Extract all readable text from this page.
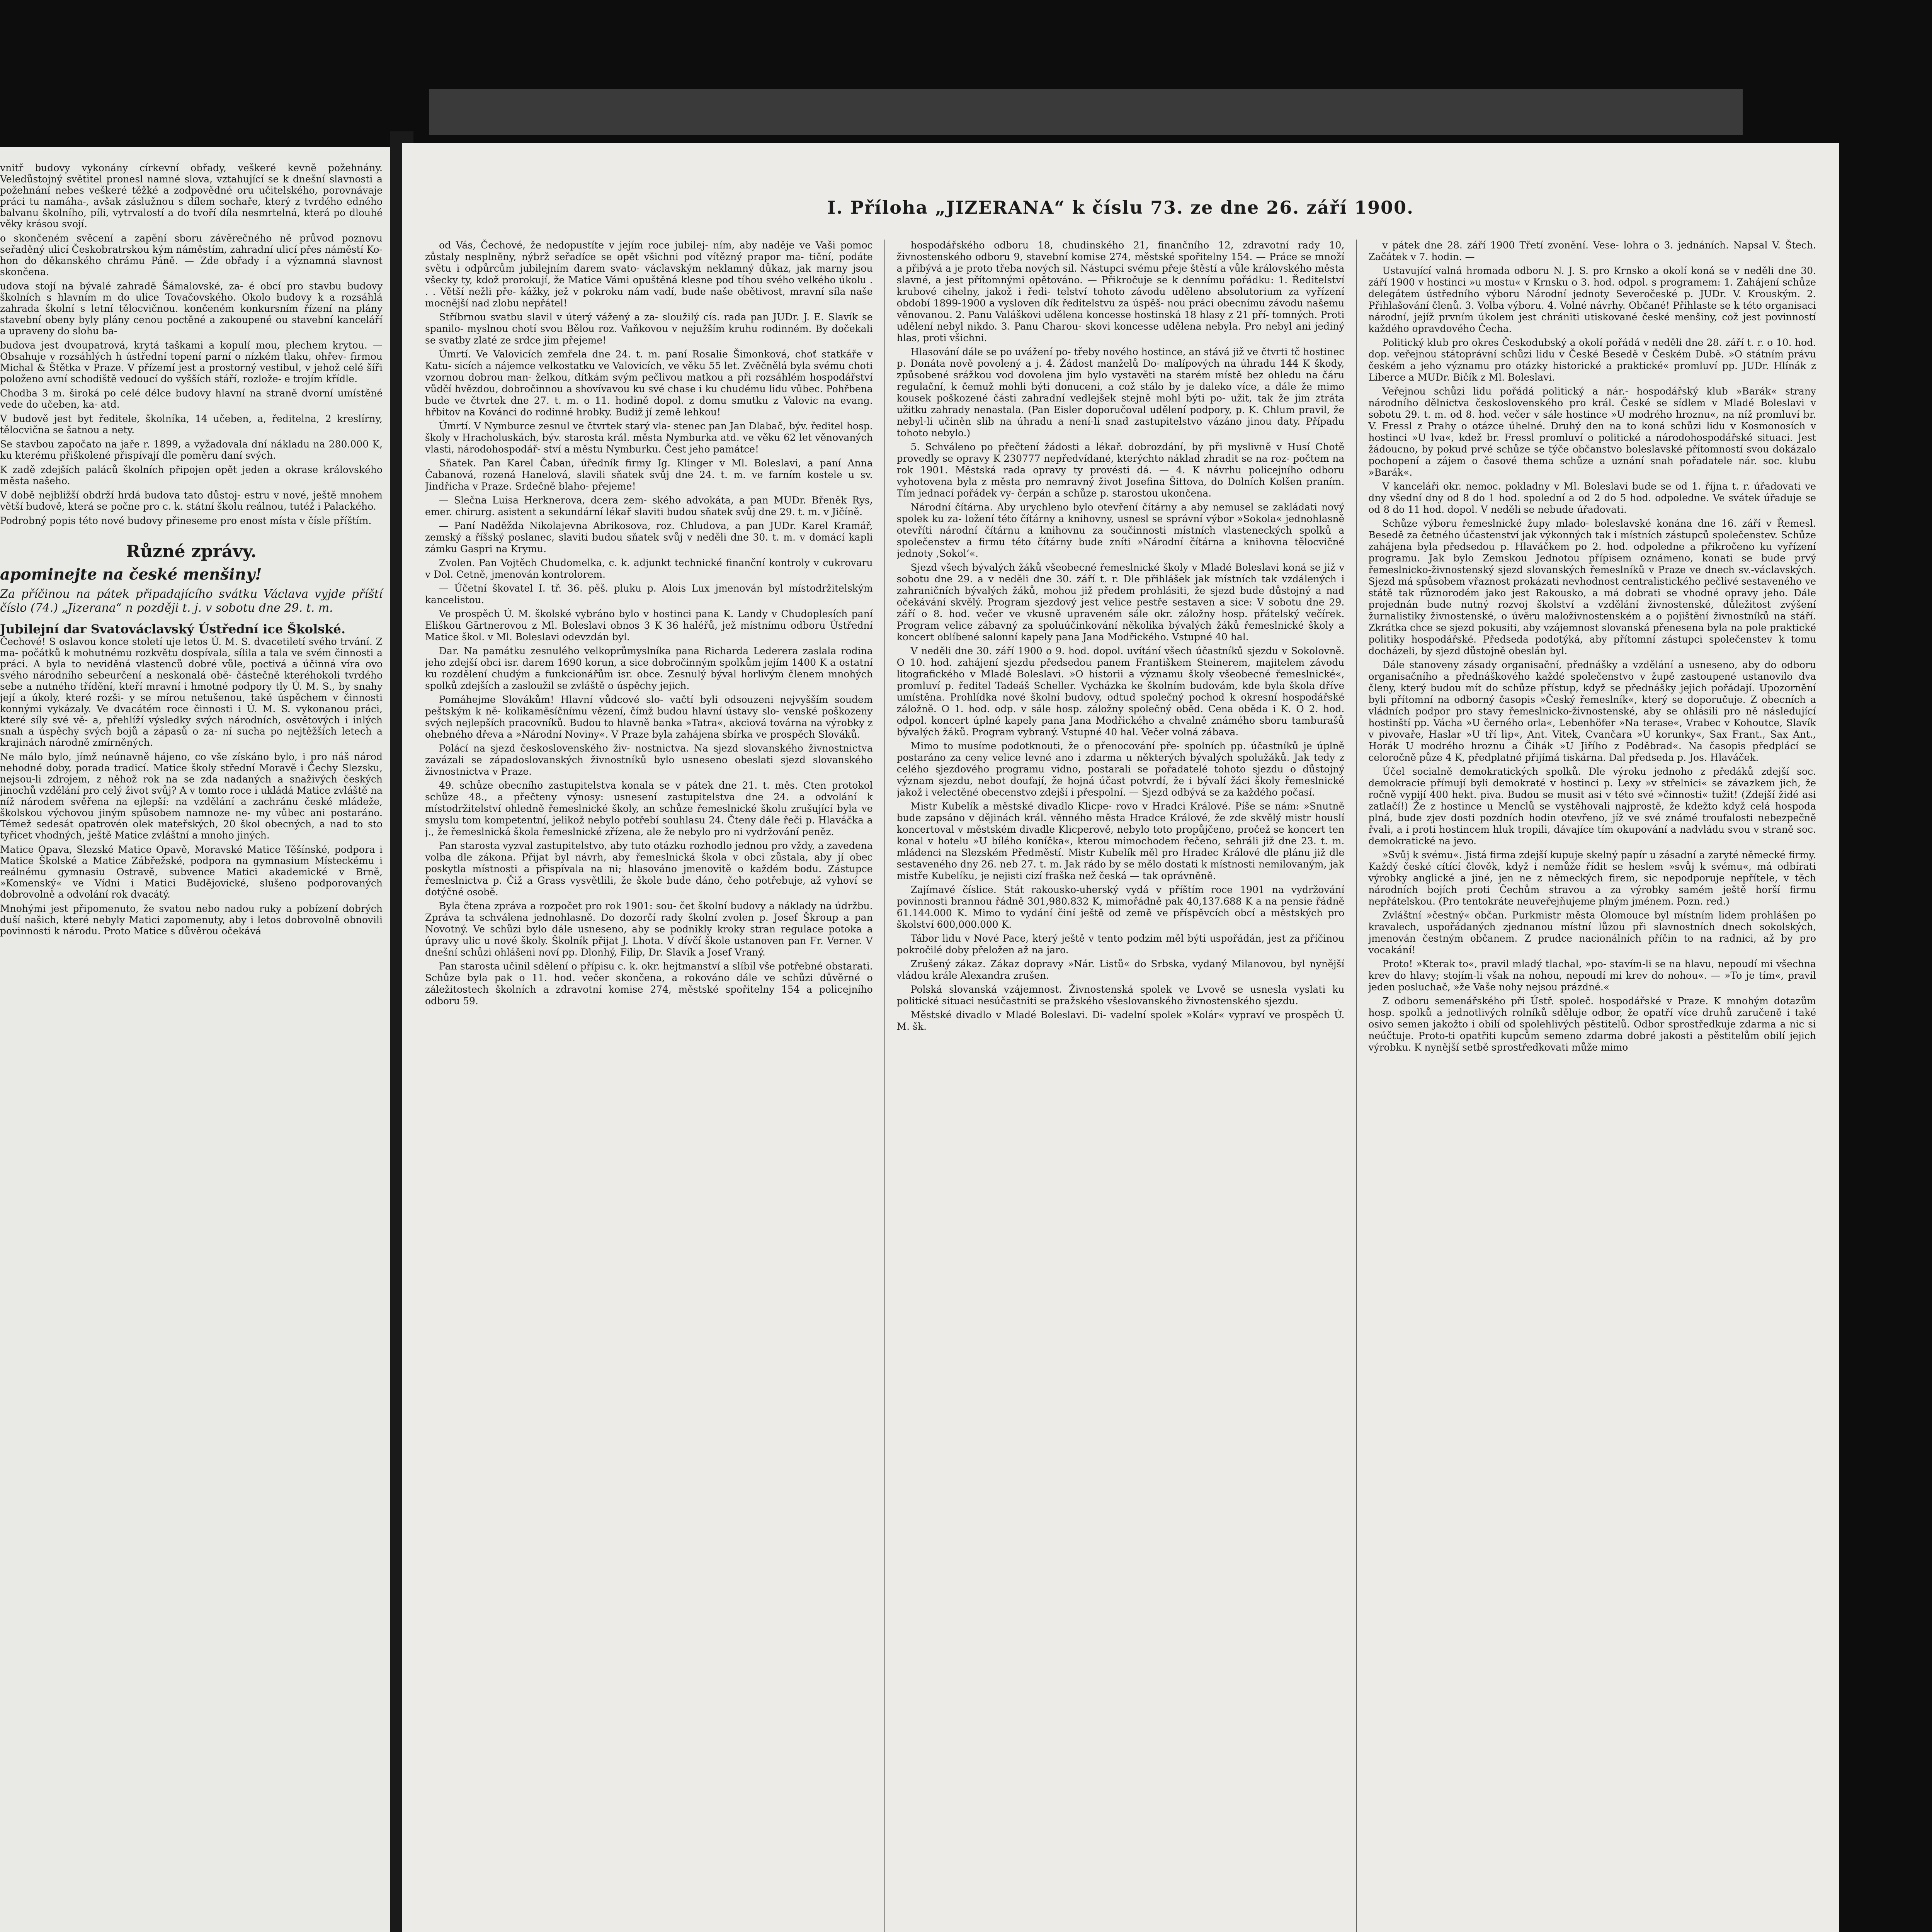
vnitř budovy vykonány církevní obřady, veškeré kevně požehnány. Veledůstojný světitel pronesl namné slova, vztahující se k dnešní slavnosti a požehnání nebes veškeré těžké a zodpovědné oru učitelského, porovnávaje práci tu namáha-, avšak záslužnou s dílem sochaře, který z tvrdého edného balvanu školního, píli, vytrvalostí a do tvoří díla nesmrtelná, která po dlouhé věky krásou svojí.

o skončeném svěcení a zapění sboru závěrečného ně průvod poznovu seřaděný ulicí Českobratrskou kým náměstím, zahradní ulicí přes náměstí Ko- hon do děkanského chrámu Páně. — Zde obřady í a významná slavnost skončena.

udova stojí na bývalé zahradě Šámalovské, za- é obcí pro stavbu budovy školních s hlavním m do ulice Tovačovského. Okolo budovy k a rozsáhlá zahrada školní s letní tělocvičnou. končeném konkursním řízení na plány stavební obeny byly plány cenou poctěné a zakoupené ou stavební kanceláří a upraveny do slohu ba-

budova jest dvoupatrová, krytá taškami a kopulí mou, plechem krytou. — Obsahuje v rozsáhlých h ústřední topení parní o nízkém tlaku, ohřev- firmou Michal & Štětka v Praze. V přízemí jest a prostorný vestibul, v jehož celé šíři položeno avní schodiště vedoucí do vyšších stáří, rozlože- e trojím křídle.

Chodba 3 m. široká po celé délce budovy hlavní na straně dvorní umístěné vede do učeben, ka- atd.

V budově jest byt ředitele, školníka, 14 učeben, a, ředitelna, 2 kreslírny, tělocvična se šatnou a nety.

Se stavbou započato na jaře r. 1899, a vyžadovala dní nákladu na 280.000 K, ku kterému přiškolené přispívají dle poměru daní svých.

K zadě zdejších paláců školních připojen opět jeden a okrase královského města našeho.

V době nejbližší obdrží hrdá budova tato důstoj- estru v nové, ještě mnohem větší budově, která se počne pro c. k. státní školu reálnou, tutéž i Palackého.

Podrobný popis této nové budovy přineseme pro enost místa v čísle příštím.

Různé zprávy.
apominejte na české menšiny!

Za příčinou na pátek připadajícího svátku Václava vyjde příští číslo (74.) „Jizerana“ n později t. j. v sobotu dne 29. t. m.

Jubilejní dar Svatováclavský Ústřední ice Školské.

Čechové! S oslavou konce století uje letos Ú. M. S. dvacetiletí svého trvání. Z ma- počátků k mohutnému rozkvětu dospívala, sílila a tala ve svém činnosti a práci. A byla to neviděná vlastenců dobré vůle, poctivá a účinná víra ovo svého národního sebeurčení a neskonalá obě- částečně kteréhokoli tvrdého sebe a nutného třídění, kteří mravní i hmotné podpory tly Ú. M. S., by snahy její a úkoly, které rozši- y se mírou netušenou, také úspěchem v činnosti konnými vykázaly. Ve dvacátém roce činnosti i Ú. M. S. vykonanou práci, které síly své vě- a, přehlíží výsledky svých národních, osvětových i inlých snah a úspěchy svých bojů a zápasů o za- ní sucha po nejtěžších letech a krajinách národně zmírněných.

Ne málo bylo, jímž neúnavně hájeno, co vše získáno bylo, i pro náš národ nehodné doby, porada tradicí. Matice školy střední Moravě i Čechy Slezsku, nejsou-li zdrojem, z něhož rok na se zda nadaných a snaživých českých jinochů vzdělání pro celý život svůj? A v tomto roce i ukládá Matice zvláště na níž národem svěřena na ejlepší: na vzdělání a zachránu české mládeže, školskou výchovou jiným spůsobem namnoze ne- my vůbec ani postaráno. Témež sedesát opatrovén olek mateřských, 20 škol obecných, a nad to sto tyřicet vhodných, ještě Matice zvláštní a mnoho jiných.

Matice Opava, Slezské Matice Opavě, Moravské Matice Těšínské, podpora i Matice Školské a Matice Zábřežské, podpora na gymnasium Místeckému i reálnému gymnasiu Ostravě, subvence Matici akademické v Brně, »Komenský« ve Vídni i Matici Budějovické, slušeno podporovaných dobrovolně a odvolání rok dvacátý.

Mnohými jest připomenuto, že svatou nebo nadou ruky a pobízení dobrých duší našich, které nebyly Matici zapomenuty, aby i letos dobrovolně obnovili povinnosti k národu. Proto Matice s důvěrou očekává

I. Příloha „JIZERANA“ k číslu 73. ze dne 26. září 1900.

od Vás, Čechové, že nedopustíte v jejím roce jubilej- ním, aby naděje ve Vaši pomoc zůstaly nesplněny, nýbrž seřadíce se opět všichni pod vítězný prapor ma- tiční, podáte světu i odpůrcům jubilejním darem svato- václavským neklamný důkaz, jak marny jsou všecky ty, kdož prorokují, že Matice Vámi opuštěná klesne pod tíhou svého velkého úkolu . . . Větší nežli pře- kážky, jež v pokroku nám vadí, bude naše obětivost, mravní síla naše mocnější nad zlobu nepřátel!

Stříbrnou svatbu slavil v úterý vážený a za- sloužilý cís. rada pan JUDr. J. E. Slavík se spanilo- myslnou chotí svou Bělou roz. Vaňkovou v nejužším kruhu rodinném. By dočekali se svatby zlaté ze srdce jim přejeme!

Úmrtí. Ve Valovicích zemřela dne 24. t. m. paní Rosalie Šimonková, choť statkáře v Katu- sicích a nájemce velkostatku ve Valovicích, ve věku 55 let. Zvěčnělá byla svému choti vzornou dobrou man- želkou, dítkám svým pečlivou matkou a při rozsáhlém hospodářství vůdčí hvězdou, dobročinnou a shovívavou ku své chase i ku chudému lidu vůbec. Pohřbena bude ve čtvrtek dne 27. t. m. o 11. hodině dopol. z domu smutku z Valovic na evang. hřbitov na Kovánci do rodinné hrobky. Budiž jí země lehkou!

Úmrtí. V Nymburce zesnul ve čtvrtek starý vla- stenec pan Jan Dlabač, býv. ředitel hosp. školy v Hracholuskách, býv. starosta král. města Nymburka atd. ve věku 62 let věnovaných vlasti, národohospodář- ství a městu Nymburku. Čest jeho památce!

Sňatek. Pan Karel Čaban, úředník firmy Ig. Klinger v Ml. Boleslavi, a paní Anna Čabanová, rozená Hanelová, slavili sňatek svůj dne 24. t. m. ve farním kostele u sv. Jindřicha v Praze. Srdečně blaho- přejeme!

— Slečna Luisa Herknerova, dcera zem- ského advokáta, a pan MUDr. Břeněk Rys, emer. chirurg. asistent a sekundární lékař slaviti budou sňatek svůj dne 29. t. m. v Jičíně.

— Paní Naděžda Nikolajevna Abrikosova, roz. Chludova, a pan JUDr. Karel Kramář, zemský a říšský poslanec, slaviti budou sňatek svůj v neděli dne 30. t. m. v domácí kapli zámku Gaspri na Krymu.

Zvolen. Pan Vojtěch Chudomelka, c. k. adjunkt technické finanční kontroly v cukrovaru v Dol. Cetně, jmenován kontrolorem.

— Účetní škovatel I. tř. 36. pěš. pluku p. Alois Lux jmenován byl místodržitelským kancelistou.

Ve prospěch Ú. M. školské vybráno bylo v hostinci pana K. Landy v Chudoplesích paní Eliškou Gärtnerovou z Ml. Boleslavi obnos 3 K 36 haléřů, jež místnímu odboru Ústřední Matice škol. v Ml. Boleslavi odevzdán byl.

Dar. Na památku zesnulého velkoprůmyslníka pana Richarda Lederera zaslala rodina jeho zdejší obci isr. darem 1690 korun, a sice dobročinným spolkům jejím 1400 K a ostatní ku rozdělení chudým a funkcionářům isr. obce. Zesnulý býval horlivým členem mnohých spolků zdejších a zasloužil se zvláště o úspěchy jejich.

Pomáhejme Slovákům! Hlavní vůdcové slo- vačtí byli odsouzeni nejvyšším soudem peštským k ně- kolikaměsíčnímu vězení, čímž budou hlavní ústavy slo- venské poškozeny svých nejlepších pracovníků. Budou to hlavně banka »Tatra«, akciová továrna na výrobky z ohebného dřeva a »Národní Noviny«. V Praze byla zahájena sbírka ve prospěch Slováků.

Polácí na sjezd československého živ- nostnictva. Na sjezd slovanského živnostnictva zavázali se západoslovanských živnostníků bylo usneseno obeslati sjezd slovanského živnostnictva v Praze.

49. schůze obecního zastupitelstva konala se v pátek dne 21. t. měs. Cten protokol schůze 48., a přečteny výnosy: usnesení zastupitelstva dne 24. a odvolání k místodržitelství ohledně řemeslnické školy, an schůze řemeslnické školu zrušující byla ve smyslu tom kompetentní, jelikož nebylo potřebí souhlasu 24. Čteny dále řeči p. Hlaváčka a j., že řemeslnická škola řemeslnické zřízena, ale že nebylo pro ni vydržování peněz.

Pan starosta vyzval zastupitelstvo, aby tuto otázku rozhodlo jednou pro vždy, a zavedena volba dle zákona. Přijat byl návrh, aby řemeslnická škola v obci zůstala, aby jí obec poskytla místnosti a přispívala na ni; hlasováno jmenovitě o každém bodu. Zástupce řemeslnictva p. Čiž a Grass vysvětlili, že škole bude dáno, čeho potřebuje, až vyhoví se dotýčné osobě.

Byla čtena zpráva a rozpočet pro rok 1901: sou- čet školní budovy a náklady na údržbu. Zpráva ta schválena jednohlasně. Do dozorčí rady školní zvolen p. Josef Škroup a pan Novotný. Ve schůzi bylo dále usneseno, aby se podnikly kroky stran regulace potoka a úpravy ulic u nové školy. Školník přijat J. Lhota. V dívčí škole ustanoven pan Fr. Verner. V dnešní schůzi ohlášeni noví pp. Dlonhý, Filip, Dr. Slavík a Josef Vraný.

Pan starosta učinil sdělení o přípisu c. k. okr. hejtmanství a slíbil vše potřebné obstarati. Schůze byla pak o 11. hod. večer skončena, a rokováno dále ve schůzi důvěrné o záležitostech školních a zdravotní komise 274, městské spořitelny 154 a policejního odboru 59.

hospodářského odboru 18, chudinského 21, finančního 12, zdravotní rady 10, živnostenského odboru 9, stavební komise 274, městské spořitelny 154. — Práce se množí a přibývá a je proto třeba nových sil. Nástupci svému přeje štěstí a vůle královského města slavné, a jest přítomnými opětováno. — Přikročuje se k dennímu pořádku: 1. Ředitelství krubové cihelny, jakož i ředi- telství tohoto závodu uděleno absolutorium za vyřízení období 1899-1900 a vysloven dík ředitelstvu za úspěš- nou práci obecnímu závodu našemu věnovanou. 2. Panu Valáškovi udělena koncesse hostinská 18 hlasy z 21 pří- tomných. Proti udělení nebyl nikdo. 3. Panu Charou- skovi koncesse udělena nebyla. Pro nebyl ani jediný hlas, proti všichni.

Hlasování dále se po uvážení po- třeby nového hostince, an stává již ve čtvrti tč hostinec p. Donáta nově povolený a j. 4. Žádost manželů Do- malípových na úhradu 144 K škody, způsobené srážkou vod dovolena jim bylo vystavěti na starém místě bez ohledu na čáru regulační, k čemuž mohli býti donuceni, a což stálo by je daleko více, a dále že mimo kousek poškozené části zahradní vedlejšek stejně mohl býti po- užit, tak že jim ztráta užitku zahrady nenastala. (Pan Eisler doporučoval udělení podpory, p. K. Chlum pravil, že nebyl-li učiněn slib na úhradu a není-li snad zastupitelstvo vázáno jinou daty. Případu tohoto nebylo.)

5. Schváleno po přečtení žádosti a lékař. dobrozdání, by při myslivně v Husí Chotě provedly se opravy K 230777 nepředvídané, kterýchto náklad zhradit se na roz- počtem na rok 1901. Městská rada opravy ty provésti dá. — 4. K návrhu policejního odboru vyhotovena byla z města pro nemravný život Josefina Šittova, do Dolních Kolšen praním. Tím jednací pořádek vy- čerpán a schůze p. starostou ukončena.

Národní čítárna. Aby urychleno bylo otevření čítárny a aby nemusel se zakládati nový spolek ku za- ložení této čítárny a knihovny, usnesl se správní výbor »Sokola« jednohlasně otevříti národní čítárnu a knihovnu za součinnosti místních vlasteneckých spolků a společenstev a firmu této čítárny bude zníti »Národní čítárna a knihovna tělocvičné jednoty ‚Sokol‘«.

Sjezd všech bývalých žáků všeobecné řemeslnické školy v Mladé Boleslavi koná se již v sobotu dne 29. a v neděli dne 30. září t. r. Dle přihlášek jak místních tak vzdálených i zahraničních bývalých žáků, mohou již předem prohlásiti, že sjezd bude důstojný a nad očekávání skvělý. Program sjezdový jest velice pestře sestaven a sice: V sobotu dne 29. září o 8. hod. večer ve vkusně upraveném sále okr. záložny hosp. přátelský večírek. Program velice zábavný za spoluúčinkování několika bývalých žáků řemeslnické školy a koncert oblíbené salonní kapely pana Jana Modřického. Vstupné 40 hal.

V neděli dne 30. září 1900 o 9. hod. dopol. uvítání všech účastníků sjezdu v Sokolovně. O 10. hod. zahájení sjezdu předsedou panem Františkem Steinerem, majitelem závodu litografického v Mladé Boleslavi. »O historii a významu školy všeobecné řemeslnické«, promluví p. ředitel Tadeáš Scheller. Vycházka ke školním budovám, kde byla škola dříve umístěna. Prohlídka nové školní budovy, odtud společný pochod k okresní hospodářské záložně. O 1. hod. odp. v sále hosp. záložny společný oběd. Cena oběda i K. O 2. hod. odpol. koncert úplné kapely pana Jana Modřického a chvalně známého sboru tamburašů bývalých žáků. Program vybraný. Vstupné 40 hal. Večer volná zábava.

Mimo to musíme podotknouti, že o přenocování pře- spolních pp. účastníků je úplně postaráno za ceny velice levné ano i zdarma u některých bývalých spolužáků. Jak tedy z celého sjezdového programu vidno, postarali se pořadatelé tohoto sjezdu o důstojný význam sjezdu, nebot doufají, že hojná účast potvrdí, že i bývalí žáci školy řemeslnické jakož i velectěné obecenstvo zdejší i přespolní. — Sjezd odbývá se za každého počasí.

Mistr Kubelík a městské divadlo Klicpe- rovo v Hradci Králové. Píše se nám: »Snutně bude zapsáno v dějinách král. věnného města Hradce Králové, že zde skvělý mistr houslí koncertoval v městském divadle Klicperově, nebylo toto propůjčeno, pročež se koncert ten konal v hotelu »U bílého koníčka«, kterou mimochodem řečeno, sehráli již dne 23. t. m. mládenci na Slezském Předměstí. Mistr Kubelík měl pro Hradec Králové dle plánu již dle sestaveného dny 26. neb 27. t. m. Jak rádo by se mělo dostati k místnosti nemilovaným, jak mistře Kubelíku, je nejisti cizí fraška než česká — tak oprávněně.

Zajímavé číslice. Stát rakousko-uherský vydá v příštím roce 1901 na vydržování povinnosti brannou řádně 301,980.832 K, mimořádně pak 40,137.688 K a na pensie řádně 61.144.000 K. Mimo to vydání činí ještě od země ve příspěvcích obcí a městských pro školství 600,000.000 K.

Tábor lidu v Nové Pace, který ještě v tento podzim měl býti uspořádán, jest za příčinou pokročilé doby přeložen až na jaro.

Zrušený zákaz. Zákaz dopravy »Nár. Listů« do Srbska, vydaný Milanovou, byl nynější vládou krále Alexandra zrušen.

Polská slovanská vzájemnost. Živnostenská spolek ve Lvově se usnesla vyslati ku politické situaci nesúčastniti se pražského všeslovanského živnostenského sjezdu.

Městské divadlo v Mladé Boleslavi. Di- vadelní spolek »Kolár« vypraví ve prospěch Ú. M. šk.

v pátek dne 28. září 1900 Třetí zvonění. Vese- lohra o 3. jednáních. Napsal V. Štech. Začátek v 7. hodin. —

Ustavující valná hromada odboru N. J. S. pro Krnsko a okolí koná se v neděli dne 30. září 1900 v hostinci »u mostu« v Krnsku o 3. hod. odpol. s programem: 1. Zahájení schůze delegátem ústředního výboru Národní jednoty Severočeské p. JUDr. V. Krouským. 2. Přihlašování členů. 3. Volba výboru. 4. Volné návrhy. Občané! Přihlaste se k této organisaci národní, jejíž prvním úkolem jest chrániti utiskované české menšiny, což jest povinností každého opravdového Čecha.

Politický klub pro okres Českodubský a okolí pořádá v neděli dne 28. září t. r. o 10. hod. dop. veřejnou státoprávní schůzi lidu v České Besedě v Českém Dubě. »O státním právu českém a jeho významu pro otázky historické a praktické« promluví pp. JUDr. Hlínák z Liberce a MUDr. Bičík z Ml. Boleslavi.

Veřejnou schůzi lidu pořádá politický a nár.- hospodářský klub »Barák« strany národního dělnictva československého pro král. České se sídlem v Mladé Boleslavi v sobotu 29. t. m. od 8. hod. večer v sále hostince »U modrého hroznu«, na níž promluví br. V. Fressl z Prahy o otázce úhelné. Druhý den na to koná schůzi lidu v Kosmonosích v hostinci »U lva«, kdež br. Fressl promluví o politické a národohospodářské situaci. Jest žádoucno, by pokud prvé schůze se týče občanstvo boleslavské přítomností svou dokázalo pochopení a zájem o časové thema schůze a uznání snah pořadatele nár. soc. klubu »Barák«.

V kanceláři okr. nemoc. pokladny v Ml. Boleslavi bude se od 1. října t. r. úřadovati ve dny všední dny od 8 do 1 hod. spolední a od 2 do 5 hod. odpoledne. Ve svátek úřaduje se od 8 do 11 hod. dopol. V neděli se nebude úřadovati.

Schůze výboru řemeslnické župy mlado- boleslavské konána dne 16. září v Řemesl. Besedě za četného účastenství jak výkonných tak i místních zástupců společenstev. Schůze zahájena byla předsedou p. Hlaváčkem po 2. hod. odpoledne a přikročeno ku vyřízení programu. Jak bylo Zemskou Jednotou přípisem oznámeno, konati se bude prvý řemeslnicko-živnostenský sjezd slovanských řemeslníků v Praze ve dnech sv.-václavských. Sjezd má spůsobem vřaznost prokázati nevhodnost centralistického pečlivé sestaveného ve státě tak různorodém jako jest Rakousko, a má dobrati se vhodné opravy jeho. Dále projednán bude nutný rozvoj školství a vzdělání živnostenské, důležitost zvýšení žurnalistiky živnostenské, o úvěru maloživnostenském a o pojištění živnostníků na stáří. Zkrátka chce se sjezd pokusiti, aby vzájemnost slovanská přenesena byla na pole praktické politiky hospodářské. Předseda podotýká, aby přítomní zástupci společenstev k tomu docházeli, by sjezd důstojně obeslán byl.

Dále stanoveny zásady organisační, přednášky a vzdělání a usneseno, aby do odboru organisačního a přednáškového každé společenstvo v župě zastoupené ustanovilo dva členy, který budou mít do schůze přístup, když se přednášky jejich pořádají. Upozornění byli přítomní na odborný časopis »Český řemeslník«, který se doporučuje. Z obecních a vládních podpor pro stavy řemeslnicko-živnostenské, aby se ohlásili pro ně následující hostinští pp. Vácha »U černého orla«, Lebenhöfer »Na terase«, Vrabec v Kohoutce, Slavík v pivovaře, Haslar »U tří lip«, Ant. Vitek, Cvančara »U korunky«, Sax Frant., Sax Ant., Horák U modrého hroznu a Čihák »U Jiřího z Poděbrad«. Na časopis předplácí se celoročně půze 4 K, předplatné přijímá tiskárna. Dal předseda p. Jos. Hlaváček.

Účel socialně demokratických spolků. Dle výroku jednoho z předáků zdejší soc. demokracie přímují byli demokraté v hostinci p. Lexy »v střelnici« se závazkem jich, že ročně vypijí 400 hekt. piva. Budou se musit asi v této své »činnosti« tužit! (Zdejší židé asi zatlačí!) Že z hostince u Menclů se vystěhovali najprostě, že kdežto když celá hospoda plná, bude zjev dosti pozdních hodin otevřeno, jíž ve své známé troufalosti nebezpečně řvali, a i proti hostincem hluk tropili, dávajíce tím okupování a nadvládu svou v straně soc. demokratické na jevo.

»Svůj k svému«. Jistá firma zdejší kupuje skelný papír u zásadní a zaryté německé firmy. Každý české cítící člověk, když i nemůže řídit se heslem »svůj k svému«, má odbírati výrobky anglické a jiné, jen ne z německých firem, sic nepodporuje nepřítele, v těch národních bojích proti Čechům stravou a za výrobky samém ještě horší firmu nepřátelskou. (Pro tentokráte neuveřejňujeme plným jménem. Pozn. red.)

Zvláštní »čestný« občan. Purkmistr města Olomouce byl místním lidem prohlášen po kravalech, uspořádaných zjednanou místní lůzou při slavnostních dnech sokolských, jmenován čestným občanem. Z prudce nacionálních příčin to na radnici, až by pro vocakání!

Proto! »Kterak to«, pravil mladý tlachal, »po- stavím-li se na hlavu, nepoudí mi všechna krev do hlavy; stojím-li však na nohou, nepoudí mi krev do nohou«. — »To je tím«, pravil jeden posluchač, »že Vaše nohy nejsou prázdné.«

Z odboru semenářského při Ústř. společ. hospodářské v Praze. K mnohým dotazům hosp. spolků a jednotlivých rolníků sděluje odbor, že opatří více druhů zaručeně i také osivo semen jakožto i obilí od spolehlivých pěstitelů. Odbor sprostředkuje zdarma a nic si neúčtuje. Proto-ti opatřiti kupcům semeno zdarma dobré jakosti a pěstitelům obilí jejich výrobku. K nynější setbě sprostředkovati může mimo
